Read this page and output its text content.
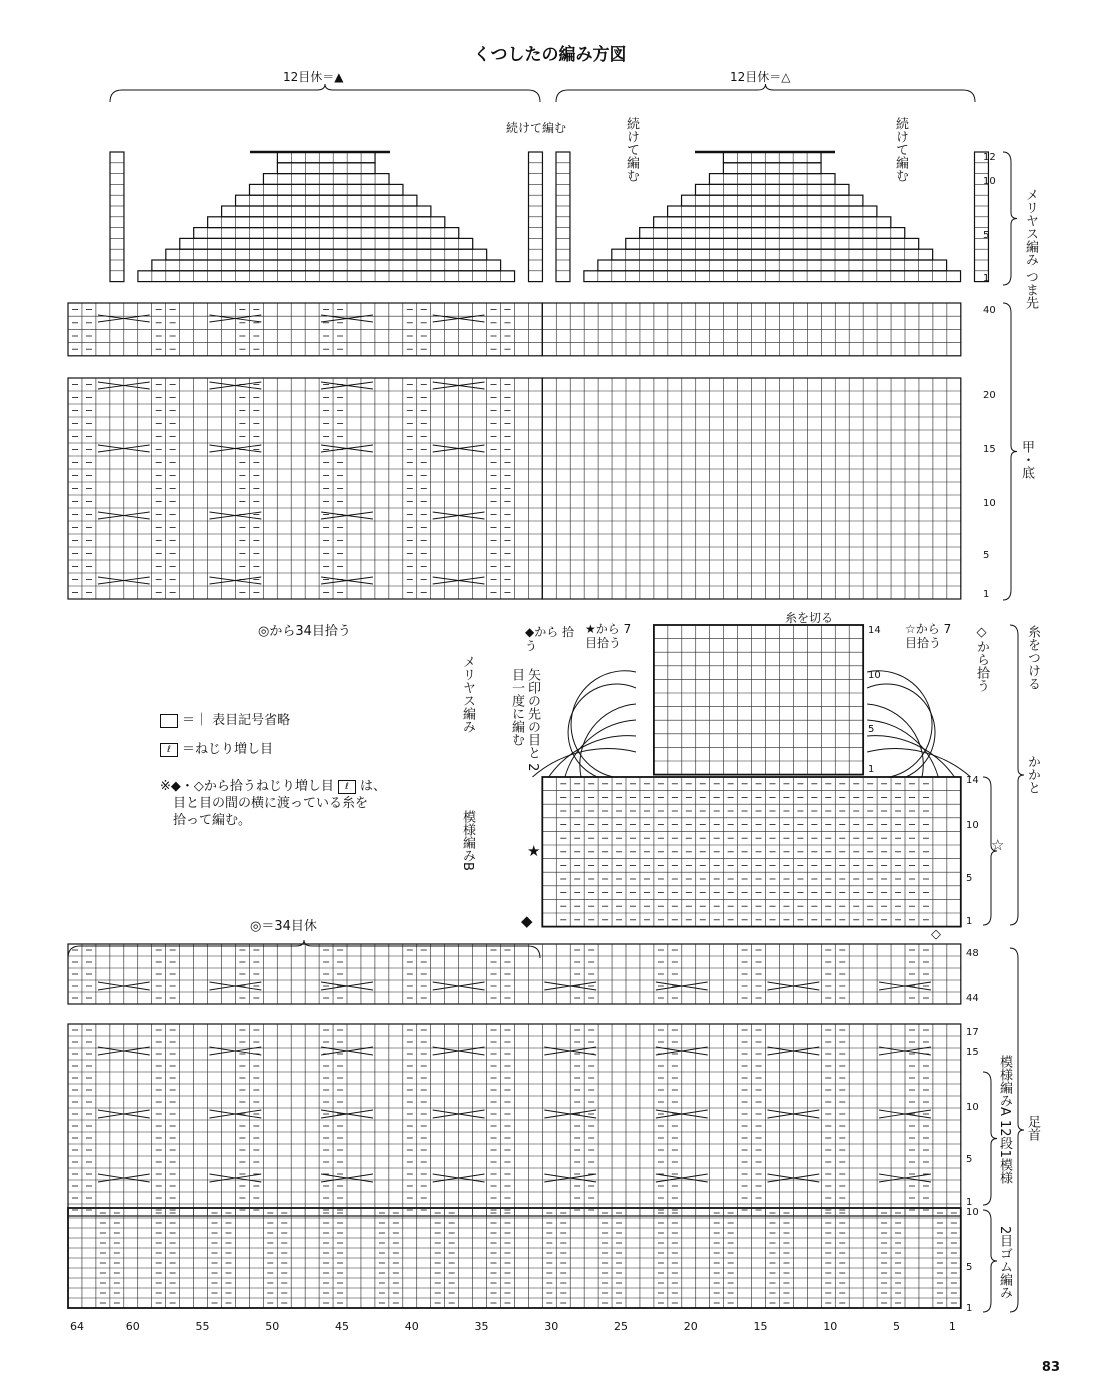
くつしたの編み方図
12
10
5
1
40
20
15
10
5
1
14
10
5
1
14
10
5
1
48
44
17
15
10
5
1
10
5
1
64	60	55	50	45	40	35	30	25	20	15	10	5	1
12目休＝▲	12目休＝△
続けて編む	続けて編む	続けて編む
メリヤス編み つま先
甲・底
糸をつける
かかと
足首
模様編みA 12段1模様
2目ゴム編み
メリヤス編み
模様編みB
◎から34目拾う	★から 7目拾う
☆から 7目拾う
◆から 拾う	◇から拾う
糸を切る
矢印の先の目と 2目一度に編む
◎＝34目休
★	☆
◆
◇
＝｜ 表目記号省略
ℓ ＝ねじり増し目
※◆・◇から拾うねじり増し目 ℓ は、
目と目の間の横に渡っている糸を
拾って編む。
83
